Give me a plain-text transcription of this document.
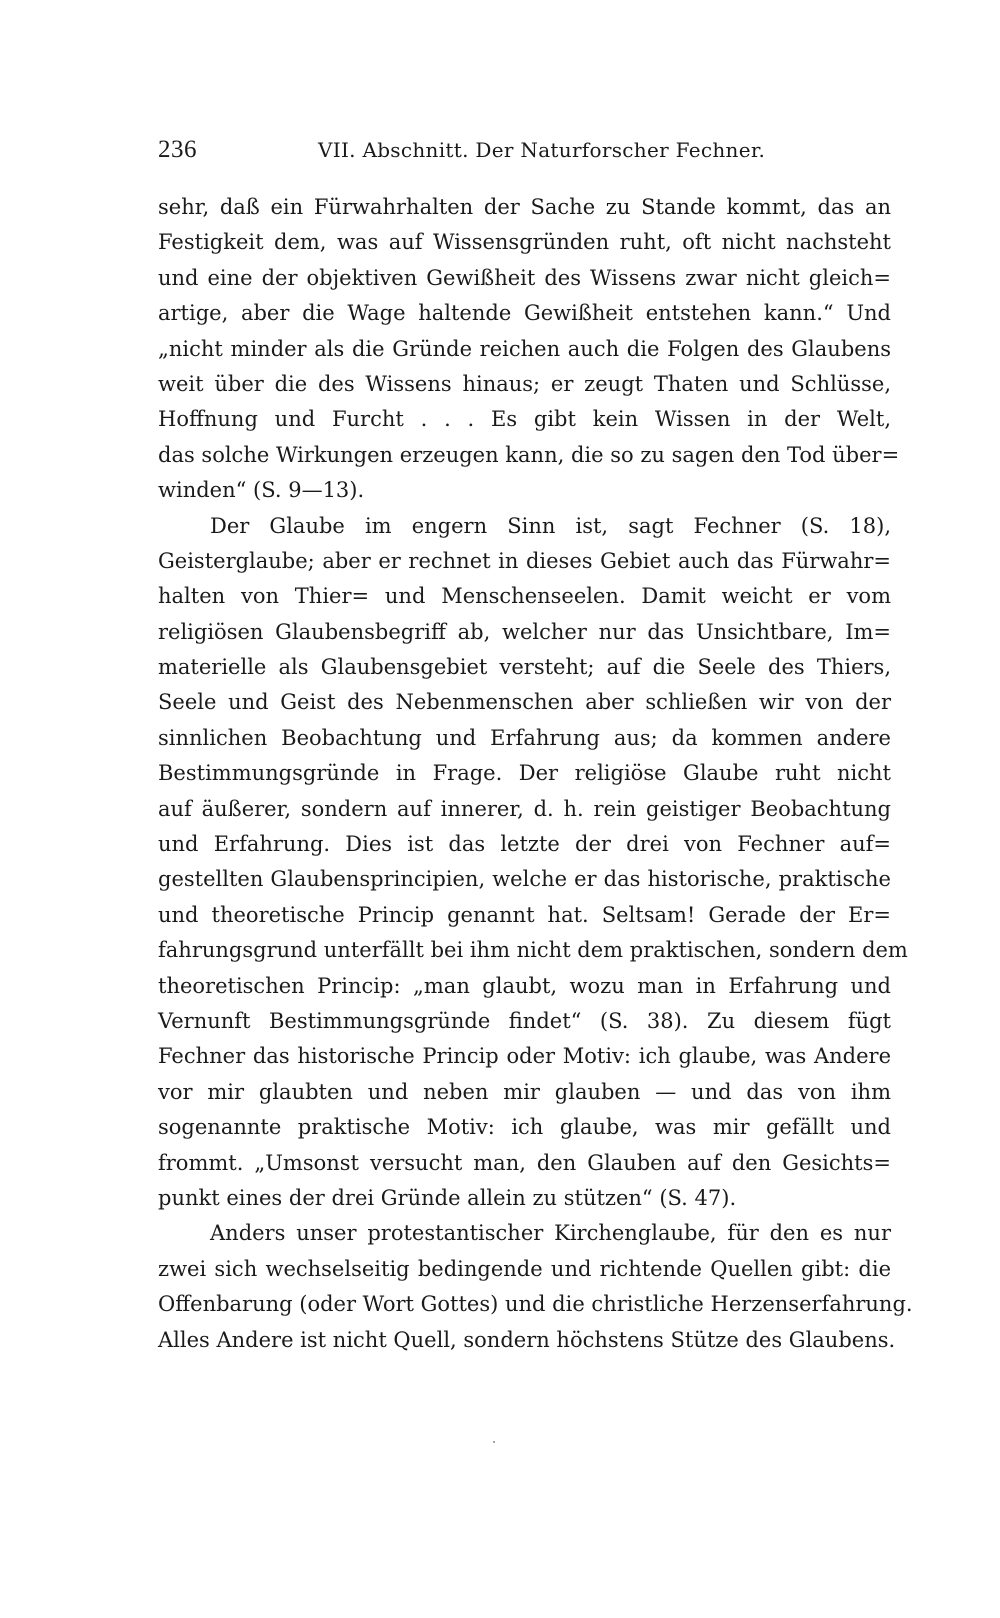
236	VII. Abschnitt. Der Naturforscher Fechner.
sehr, daß ein Fürwahrhalten der Sache zu Stande kommt, das an
Festigkeit dem, was auf Wissensgründen ruht, oft nicht nachsteht
und eine der objektiven Gewißheit des Wissens zwar nicht gleich=
artige, aber die Wage haltende Gewißheit entstehen kann.“ Und
„nicht minder als die Gründe reichen auch die Folgen des Glaubens
weit über die des Wissens hinaus; er zeugt Thaten und Schlüsse,
Hoffnung und Furcht . . . Es gibt kein Wissen in der Welt,
das solche Wirkungen erzeugen kann, die so zu sagen den Tod über=
winden“ (S. 9—13).
Der Glaube im engern Sinn ist, sagt Fechner (S. 18),
Geisterglaube; aber er rechnet in dieses Gebiet auch das Fürwahr=
halten von Thier= und Menschenseelen. Damit weicht er vom
religiösen Glaubensbegriff ab, welcher nur das Unsichtbare, Im=
materielle als Glaubensgebiet versteht; auf die Seele des Thiers,
Seele und Geist des Nebenmenschen aber schließen wir von der
sinnlichen Beobachtung und Erfahrung aus; da kommen andere
Bestimmungsgründe in Frage. Der religiöse Glaube ruht nicht
auf äußerer, sondern auf innerer, d. h. rein geistiger Beobachtung
und Erfahrung. Dies ist das letzte der drei von Fechner auf=
gestellten Glaubensprincipien, welche er das historische, praktische
und theoretische Princip genannt hat. Seltsam! Gerade der Er=
fahrungsgrund unterfällt bei ihm nicht dem praktischen, sondern dem
theoretischen Princip: „man glaubt, wozu man in Erfahrung und
Vernunft Bestimmungsgründe findet“ (S. 38). Zu diesem fügt
Fechner das historische Princip oder Motiv: ich glaube, was Andere
vor mir glaubten und neben mir glauben — und das von ihm
sogenannte praktische Motiv: ich glaube, was mir gefällt und
frommt. „Umsonst versucht man, den Glauben auf den Gesichts=
punkt eines der drei Gründe allein zu stützen“ (S. 47).
Anders unser protestantischer Kirchenglaube, für den es nur
zwei sich wechselseitig bedingende und richtende Quellen gibt: die
Offenbarung (oder Wort Gottes) und die christliche Herzenserfahrung.
Alles Andere ist nicht Quell, sondern höchstens Stütze des Glaubens.
